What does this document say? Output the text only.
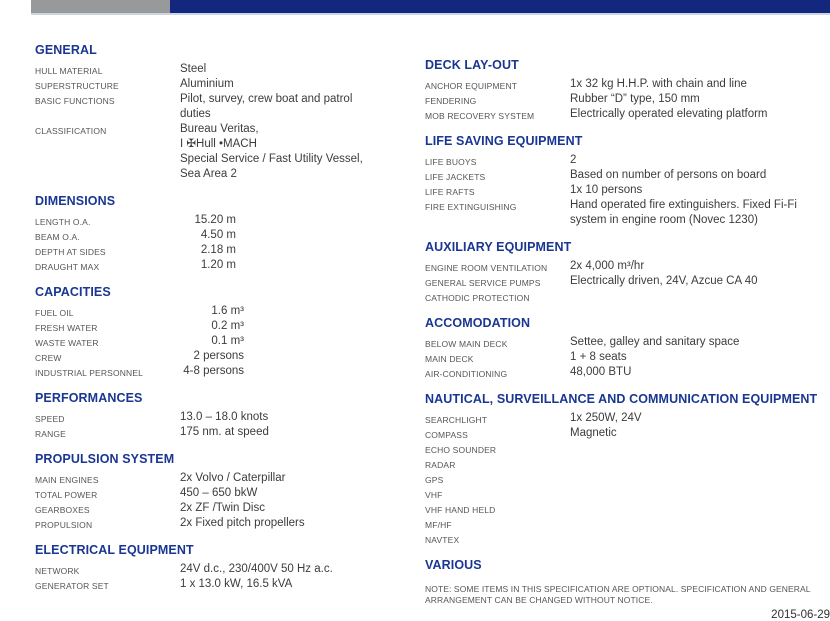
GENERAL
HULL MATERIAL	Steel
SUPERSTRUCTURE	Aluminium
BASIC FUNCTIONS	Pilot, survey, crew boat and patrol
duties
CLASSIFICATION	Bureau Veritas,
I ✠Hull •MACH
Special Service / Fast Utility Vessel,
Sea Area 2
DIMENSIONS
LENGTH O.A.	15.20 m
BEAM O.A.	4.50 m
DEPTH AT SIDES	2.18 m
DRAUGHT MAX	1.20 m
CAPACITIES
FUEL OIL	1.6 m³
FRESH WATER	0.2 m³
WASTE WATER	0.1 m³
CREW	2 persons
INDUSTRIAL PERSONNEL	4-8 persons
PERFORMANCES
SPEED	13.0 – 18.0 knots
RANGE	175 nm. at speed
PROPULSION SYSTEM
MAIN ENGINES	2x Volvo / Caterpillar
TOTAL POWER	450 – 650 bkW
GEARBOXES	2x ZF /Twin Disc
PROPULSION	2x Fixed pitch propellers
ELECTRICAL EQUIPMENT
NETWORK	24V d.c., 230/400V 50 Hz a.c.
GENERATOR SET	1 x 13.0 kW, 16.5 kVA
DECK LAY-OUT
ANCHOR EQUIPMENT	1x 32 kg H.H.P. with chain and line
FENDERING	Rubber “D” type, 150 mm
MOB RECOVERY SYSTEM	Electrically operated elevating platform
LIFE SAVING EQUIPMENT
LIFE BUOYS	2
LIFE JACKETS	Based on number of persons on board
LIFE RAFTS	1x 10 persons
FIRE EXTINGUISHING	Hand operated fire extinguishers. Fixed Fi-Fi
system in engine room (Novec 1230)
AUXILIARY EQUIPMENT
ENGINE ROOM VENTILATION	2x 4,000 m³/hr
GENERAL SERVICE PUMPS	Electrically driven, 24V, Azcue CA 40
CATHODIC PROTECTION
ACCOMODATION
BELOW MAIN DECK	Settee, galley and sanitary space
MAIN DECK	1 + 8 seats
AIR-CONDITIONING	48,000 BTU
NAUTICAL, SURVEILLANCE AND COMMUNICATION EQUIPMENT
SEARCHLIGHT	1x 250W, 24V
COMPASS	Magnetic
ECHO SOUNDER
RADAR
GPS
VHF
VHF HAND HELD
MF/HF
NAVTEX
VARIOUS
NOTE: SOME ITEMS IN THIS SPECIFICATION ARE OPTIONAL. SPECIFICATION AND GENERAL
ARRANGEMENT CAN BE CHANGED WITHOUT NOTICE.
2015-06-29
